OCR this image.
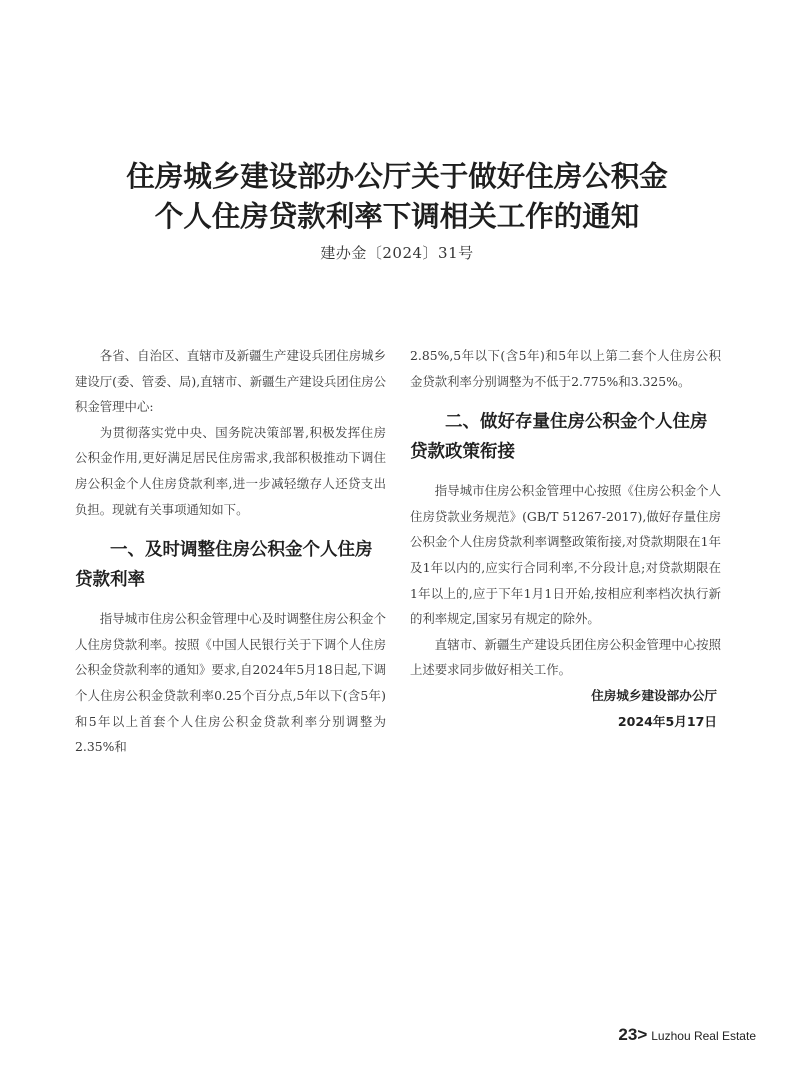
住房城乡建设部办公厅关于做好住房公积金
个人住房贷款利率下调相关工作的通知
建办金〔2024〕31号

各省、自治区、直辖市及新疆生产建设兵团住房城乡建设厅(委、管委、局),直辖市、新疆生产建设兵团住房公积金管理中心:

为贯彻落实党中央、国务院决策部署,积极发挥住房公积金作用,更好满足居民住房需求,我部积极推动下调住房公积金个人住房贷款利率,进一步减轻缴存人还贷支出负担。现就有关事项通知如下。

一、及时调整住房公积金个人住房贷款利率

指导城市住房公积金管理中心及时调整住房公积金个人住房贷款利率。按照《中国人民银行关于下调个人住房公积金贷款利率的通知》要求,自2024年5月18日起,下调个人住房公积金贷款利率0.25个百分点,5年以下(含5年)和5年以上首套个人住房公积金贷款利率分别调整为2.35%和

2.85%,5年以下(含5年)和5年以上第二套个人住房公积金贷款利率分别调整为不低于2.775%和3.325%。

二、做好存量住房公积金个人住房贷款政策衔接

指导城市住房公积金管理中心按照《住房公积金个人住房贷款业务规范》(GB/T 51267-2017),做好存量住房公积金个人住房贷款利率调整政策衔接,对贷款期限在1年及1年以内的,应实行合同利率,不分段计息;对贷款期限在1年以上的,应于下年1月1日开始,按相应利率档次执行新的利率规定,国家另有规定的除外。

直辖市、新疆生产建设兵团住房公积金管理中心按照上述要求同步做好相关工作。

住房城乡建设部办公厅
2024年5月17日
23> Luzhou Real Estate
